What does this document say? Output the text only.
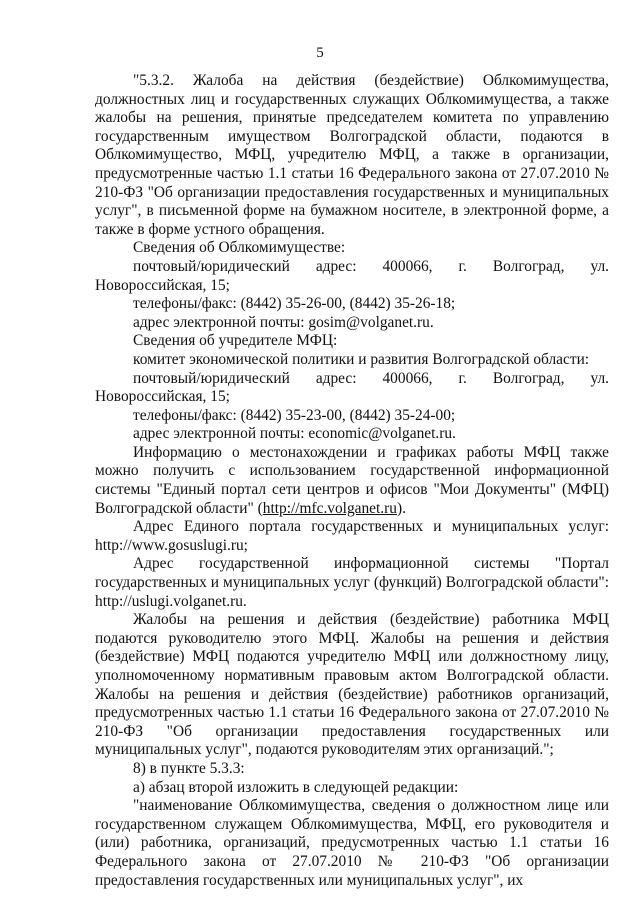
5

"5.3.2. Жалоба на действия (бездействие) Облкомимущества, должностных лиц и государственных служащих Облкомимущества, а также жалобы на решения, принятые председателем комитета по управлению государственным имуществом Волгоградской области, подаются в Облкомимущество, МФЦ, учредителю МФЦ, а также в организации, предусмотренные частью 1.1 статьи 16 Федерального закона от 27.07.2010 № 210-ФЗ "Об организации предоставления государственных и муниципальных услуг", в письменной форме на бумажном носителе, в электронной форме, а также в форме устного обращения.

Сведения об Облкомимуществе:

почтовый/юридический адрес: 400066, г. Волгоград, ул. Новороссийская, 15;

телефоны/факс: (8442) 35-26-00, (8442) 35-26-18;

адрес электронной почты: gosim@volganet.ru.

Сведения об учредителе МФЦ:

комитет экономической политики и развития Волгоградской области:

почтовый/юридический адрес: 400066, г. Волгоград, ул. Новороссийская, 15;

телефоны/факс: (8442) 35-23-00, (8442) 35-24-00;

адрес электронной почты: economic@volganet.ru.

Информацию о местонахождении и графиках работы МФЦ также можно получить с использованием государственной информационной системы "Единый портал сети центров и офисов "Мои Документы" (МФЦ) Волгоградской области" (http://mfc.volganet.ru).

Адрес Единого портала государственных и муниципальных услуг: http://www.gosuslugi.ru;

Адрес государственной информационной системы "Портал государственных и муниципальных услуг (функций) Волгоградской области": http://uslugi.volganet.ru.

Жалобы на решения и действия (бездействие) работника МФЦ подаются руководителю этого МФЦ. Жалобы на решения и действия (бездействие) МФЦ подаются учредителю МФЦ или должностному лицу, уполномоченному нормативным правовым актом Волгоградской области. Жалобы на решения и действия (бездействие) работников организаций, предусмотренных частью 1.1 статьи 16 Федерального закона от 27.07.2010 № 210-ФЗ "Об организации предоставления государственных или муниципальных услуг", подаются руководителям этих организаций.";

8) в пункте 5.3.3:

а) абзац второй изложить в следующей редакции:

"наименование Облкомимущества, сведения о должностном лице или государственном служащем Облкомимущества, МФЦ, его руководителя и (или) работника, организаций, предусмотренных частью 1.1 статьи 16 Федерального закона от 27.07.2010 № 210-ФЗ "Об организации предоставления государственных или муниципальных услуг", их
